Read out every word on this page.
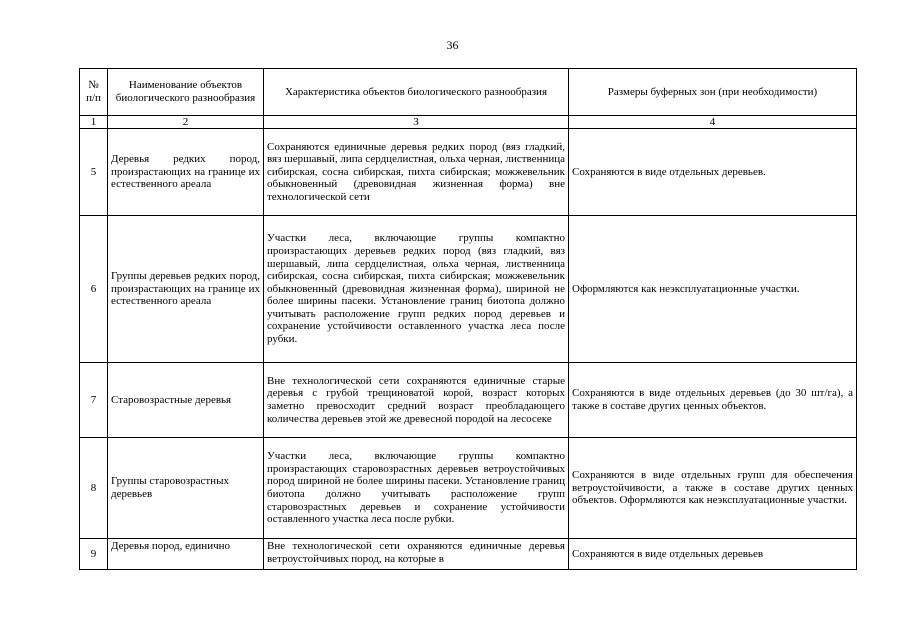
36
№ п/п	Наименование объектов биологического разнообразия	Характеристика объектов биологического разнообразия	Размеры буферных зон (при необходимости)
1	2	3	4
5	Деревья редких пород, произрастающих на границе их естественного ареала	Сохраняются единичные деревья редких пород (вяз гладкий, вяз шершавый, липа сердцелистная, ольха черная, лиственница сибирская, сосна сибирская, пихта сибирская; можжевельник обыкновенный (древовидная жизненная форма) вне технологической сети	Сохраняются в виде отдельных деревьев.
6	Группы деревьев редких пород, произрастающих на границе их естественного ареала	Участки леса, включающие группы компактно произрастающих деревьев редких пород (вяз гладкий, вяз шершавый, липа сердцелистная, ольха черная, лиственница сибирская, сосна сибирская, пихта сибирская; можжевельник обыкновенный (древовидная жизненная форма), шириной не более ширины пасеки. Установление границ биотопа должно учитывать расположение групп редких пород деревьев и сохранение устойчивости оставленного участка леса после рубки.	Оформляются как неэксплуатационные участки.
7	Старовозрастные деревья	Вне технологической сети сохраняются единичные старые деревья с грубой трещиноватой корой, возраст которых заметно превосходит средний возраст преобладающего количества деревьев этой же древесной породой на лесосеке	Сохраняются в виде отдельных деревьев (до 30 шт/га), а также в составе других ценных объектов.
8	Группы старовозрастных деревьев	Участки леса, включающие группы компактно произрастающих старовозрастных деревьев ветроустойчивых пород шириной не более ширины пасеки. Установление границ биотопа должно учитывать расположение групп старовозрастных деревьев и сохранение устойчивости оставленного участка леса после рубки.	Сохраняются в виде отдельных групп для обеспечения ветроустойчивости, а также в составе других ценных объектов. Оформляются как неэксплуатационные участки.
9	Деревья пород, единично	Вне технологической сети охраняются единичные деревья ветроустойчивых пород, на которые в	Сохраняются в виде отдельных деревьев
